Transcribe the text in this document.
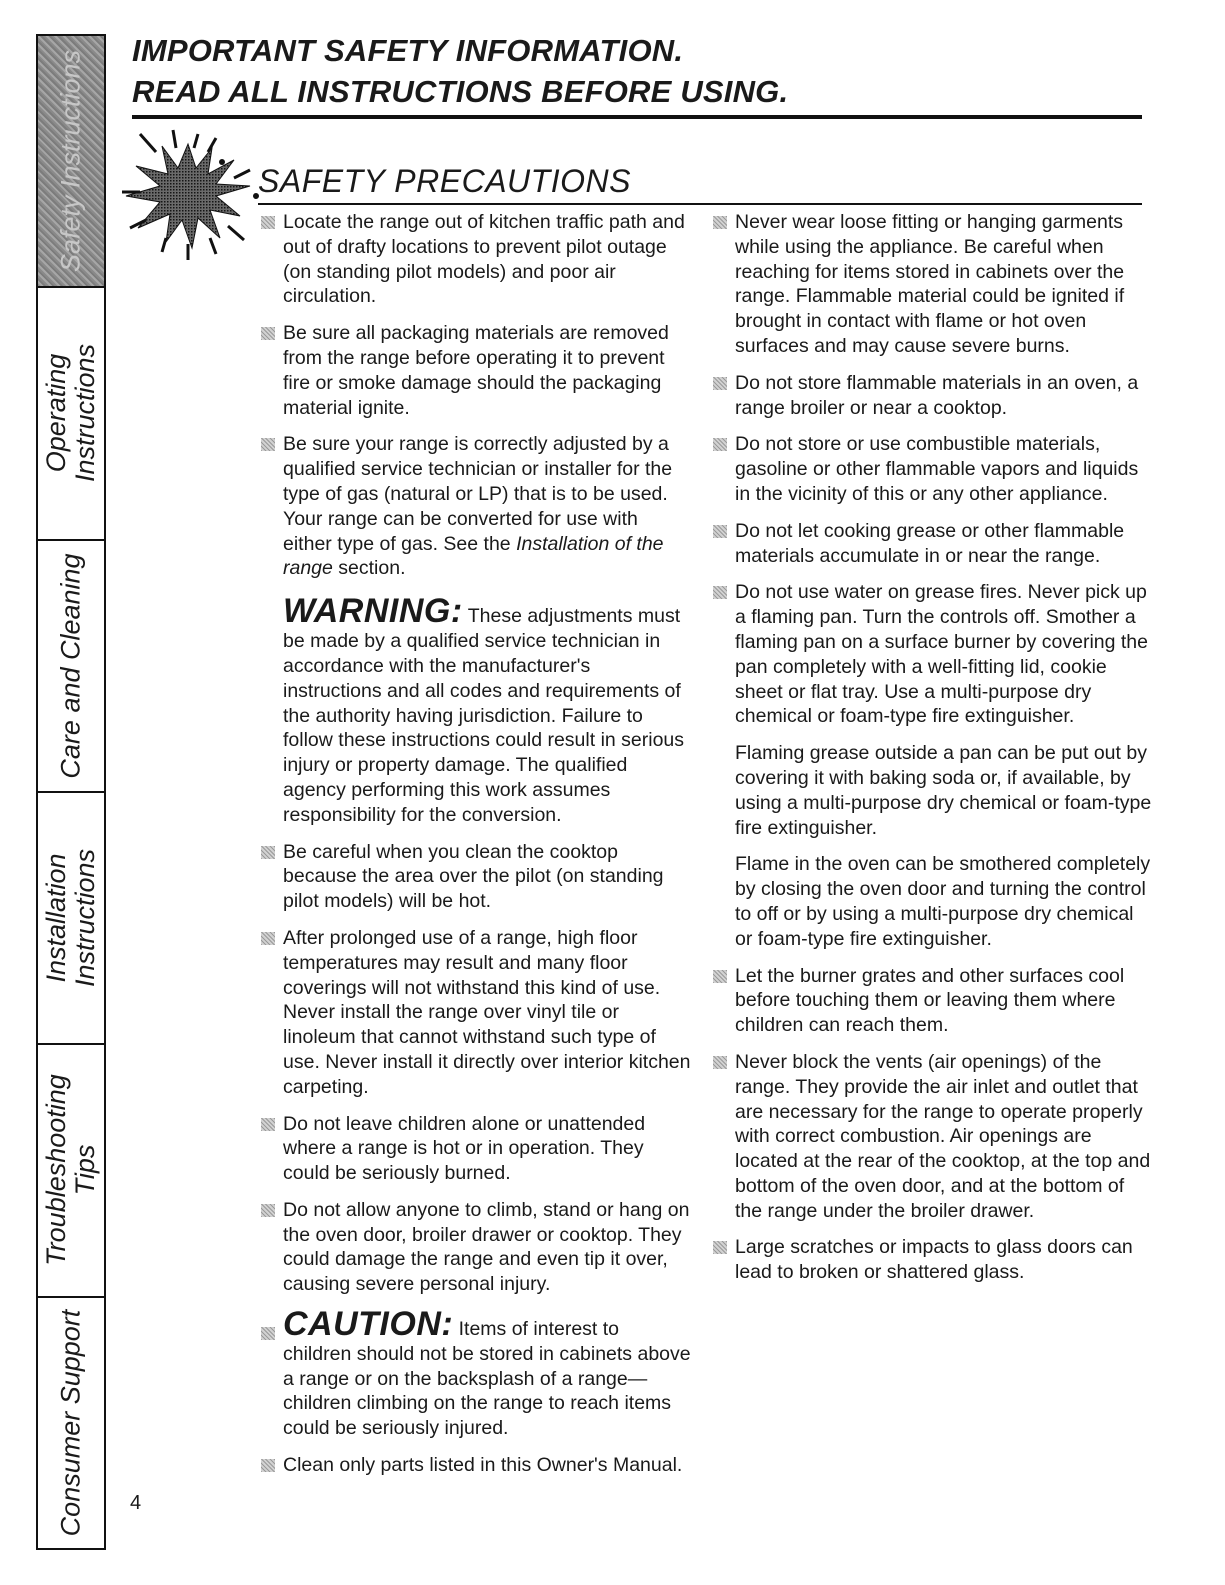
Safety Instructions
Operating Instructions
Care and Cleaning
Installation Instructions
Troubleshooting Tips
Consumer Support
IMPORTANT SAFETY INFORMATION.
READ ALL INSTRUCTIONS BEFORE USING.
SAFETY PRECAUTIONS

Locate the range out of kitchen traffic path and out of drafty locations to prevent pilot outage (on standing pilot models) and poor air circulation.

Be sure all packaging materials are removed from the range before operating it to prevent fire or smoke damage should the packaging material ignite.

Be sure your range is correctly adjusted by a qualified service technician or installer for the type of gas (natural or LP) that is to be used. Your range can be converted for use with either type of gas. See the Installation of the range section.

WARNING: These adjustments must be made by a qualified service technician in accordance with the manufacturer's instructions and all codes and requirements of the authority having jurisdiction. Failure to follow these instructions could result in serious injury or property damage. The qualified agency performing this work assumes responsibility for the conversion.

Be careful when you clean the cooktop because the area over the pilot (on standing pilot models) will be hot.

After prolonged use of a range, high floor temperatures may result and many floor coverings will not withstand this kind of use. Never install the range over vinyl tile or linoleum that cannot withstand such type of use. Never install it directly over interior kitchen carpeting.

Do not leave children alone or unattended where a range is hot or in operation. They could be seriously burned.

Do not allow anyone to climb, stand or hang on the oven door, broiler drawer or cooktop. They could damage the range and even tip it over, causing severe personal injury.

CAUTION: Items of interest to children should not be stored in cabinets above a range or on the backsplash of a range—children climbing on the range to reach items could be seriously injured.

Clean only parts listed in this Owner's Manual.

Never wear loose fitting or hanging garments while using the appliance. Be careful when reaching for items stored in cabinets over the range. Flammable material could be ignited if brought in contact with flame or hot oven surfaces and may cause severe burns.

Do not store flammable materials in an oven, a range broiler or near a cooktop.

Do not store or use combustible materials, gasoline or other flammable vapors and liquids in the vicinity of this or any other appliance.

Do not let cooking grease or other flammable materials accumulate in or near the range.

Do not use water on grease fires. Never pick up a flaming pan. Turn the controls off. Smother a flaming pan on a surface burner by covering the pan completely with a well-fitting lid, cookie sheet or flat tray. Use a multi-purpose dry chemical or foam-type fire extinguisher.

Flaming grease outside a pan can be put out by covering it with baking soda or, if available, by using a multi-purpose dry chemical or foam-type fire extinguisher.

Flame in the oven can be smothered completely by closing the oven door and turning the control to off or by using a multi-purpose dry chemical or foam-type fire extinguisher.

Let the burner grates and other surfaces cool before touching them or leaving them where children can reach them.

Never block the vents (air openings) of the range. They provide the air inlet and outlet that are necessary for the range to operate properly with correct combustion. Air openings are located at the rear of the cooktop, at the top and bottom of the oven door, and at the bottom of the range under the broiler drawer.

Large scratches or impacts to glass doors can lead to broken or shattered glass.

4
